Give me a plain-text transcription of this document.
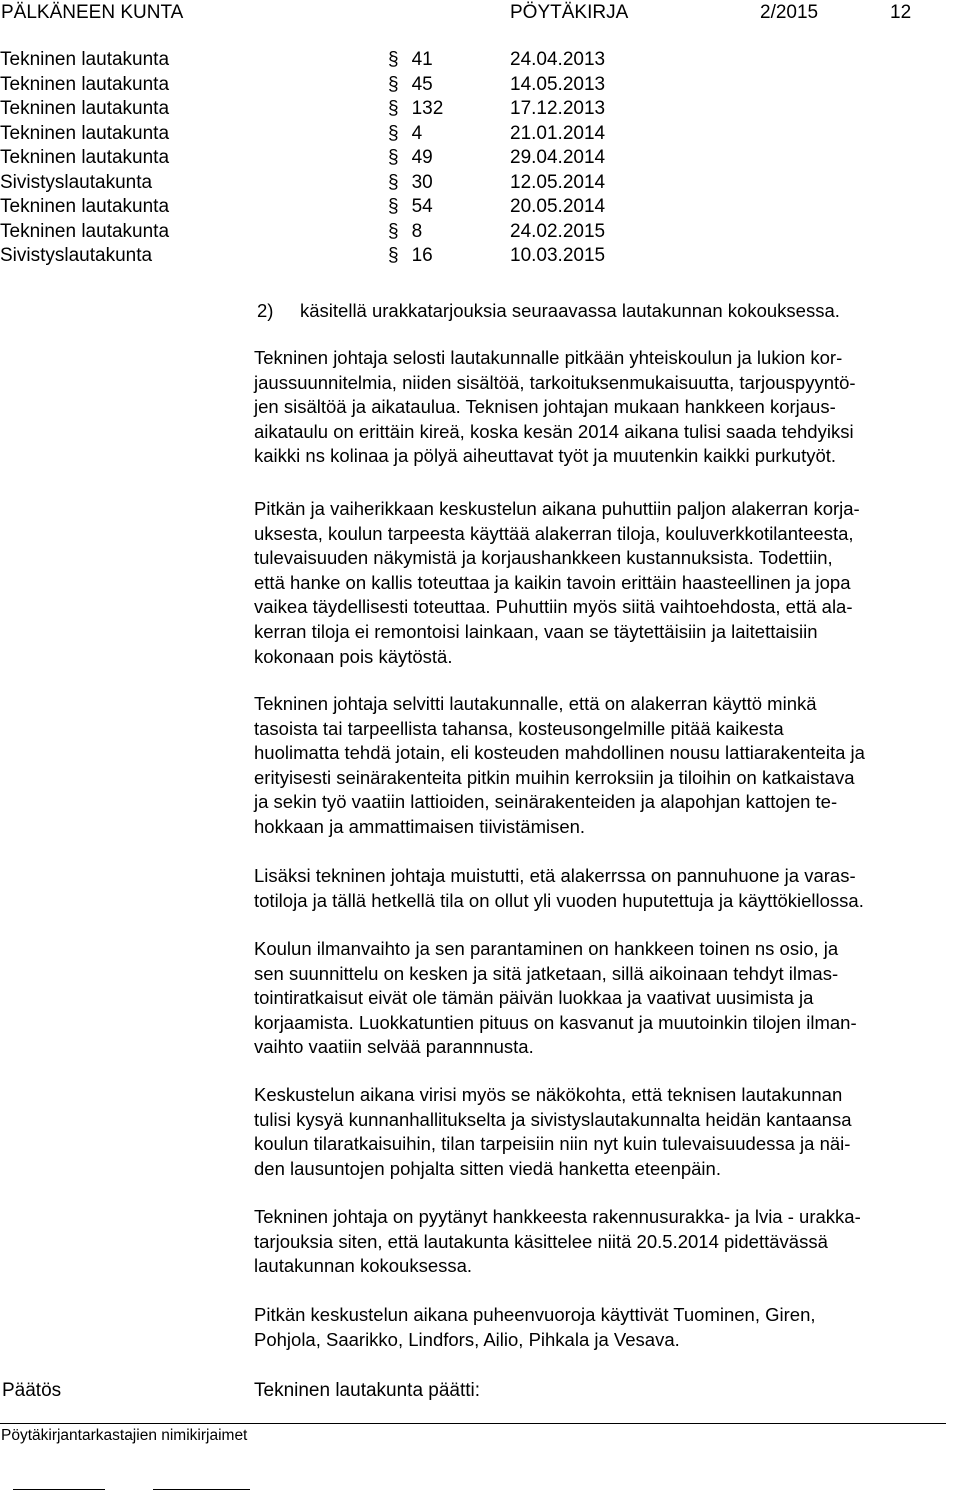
PÄLKÄNEEN KUNTA	PÖYTÄKIRJA	2/2015	12
Tekninen lautakunta	§ 41	24.04.2013
Tekninen lautakunta	§ 45	14.05.2013
Tekninen lautakunta	§ 132	17.12.2013
Tekninen lautakunta	§ 4	21.01.2014
Tekninen lautakunta	§ 49	29.04.2014
Sivistyslautakunta	§ 30	12.05.2014
Tekninen lautakunta	§ 54	20.05.2014
Tekninen lautakunta	§ 8	24.02.2015
Sivistyslautakunta	§ 16	10.03.2015
2) käsitellä urakkatarjouksia seuraavassa lautakunnan kokouksessa.
Tekninen johtaja selosti lautakunnalle pitkään yhteiskoulun ja lukion kor-
jaussuunnitelmia, niiden sisältöä, tarkoituksenmukaisuutta, tarjouspyyntö-
jen sisältöä ja aikataulua. Teknisen johtajan mukaan hankkeen korjaus-
aikataulu on erittäin kireä, koska kesän 2014 aikana tulisi saada tehdyiksi
kaikki ns kolinaa ja pölyä aiheuttavat työt ja muutenkin kaikki purkutyöt.
Pitkän ja vaiherikkaan keskustelun aikana puhuttiin paljon alakerran korja-
uksesta, koulun tarpeesta käyttää alakerran tiloja, kouluverkkotilanteesta,
tulevaisuuden näkymistä ja korjaushankkeen kustannuksista. Todettiin,
että hanke on kallis toteuttaa ja kaikin tavoin erittäin haasteellinen ja jopa
vaikea täydellisesti toteuttaa. Puhuttiin myös siitä vaihtoehdosta, että ala-
kerran tiloja ei remontoisi lainkaan, vaan se täytettäisiin ja laitettaisiin
kokonaan pois käytöstä.
Tekninen johtaja selvitti lautakunnalle, että on alakerran käyttö minkä
tasoista tai tarpeellista tahansa, kosteusongelmille pitää kaikesta
huolimatta tehdä jotain, eli kosteuden mahdollinen nousu lattiarakenteita ja
erityisesti seinärakenteita pitkin muihin kerroksiin ja tiloihin on katkaistava
ja sekin työ vaatiin lattioiden, seinärakenteiden ja alapohjan kattojen te-
hokkaan ja ammattimaisen tiivistämisen.
Lisäksi tekninen johtaja muistutti, etä alakerrssa on pannuhuone ja varas-
totiloja ja tällä hetkellä tila on ollut yli vuoden huputettuja ja käyttökiellossa.
Koulun ilmanvaihto ja sen parantaminen on hankkeen toinen ns osio, ja
sen suunnittelu on kesken ja sitä jatketaan, sillä aikoinaan tehdyt ilmas-
tointiratkaisut eivät ole tämän päivän luokkaa ja vaativat uusimista ja
korjaamista. Luokkatuntien pituus on kasvanut ja muutoinkin tilojen ilman-
vaihto vaatiin selvää parannnusta.
Keskustelun aikana virisi myös se näkökohta, että teknisen lautakunnan
tulisi kysyä kunnanhallitukselta ja sivistyslautakunnalta heidän kantaansa
koulun tilaratkaisuihin, tilan tarpeisiin niin nyt kuin tulevaisuudessa ja näi-
den lausuntojen pohjalta sitten viedä hanketta eteenpäin.
Tekninen johtaja on pyytänyt hankkeesta rakennusurakka- ja lvia - urakka-
tarjouksia siten, että lautakunta käsittelee niitä 20.5.2014 pidettävässä
lautakunnan kokouksessa.
Pitkän keskustelun aikana puheenvuoroja käyttivät Tuominen, Giren,
Pohjola, Saarikko, Lindfors, Ailio, Pihkala ja Vesava.
Päätös	Tekninen lautakunta päätti:
Pöytäkirjantarkastajien nimikirjaimet
